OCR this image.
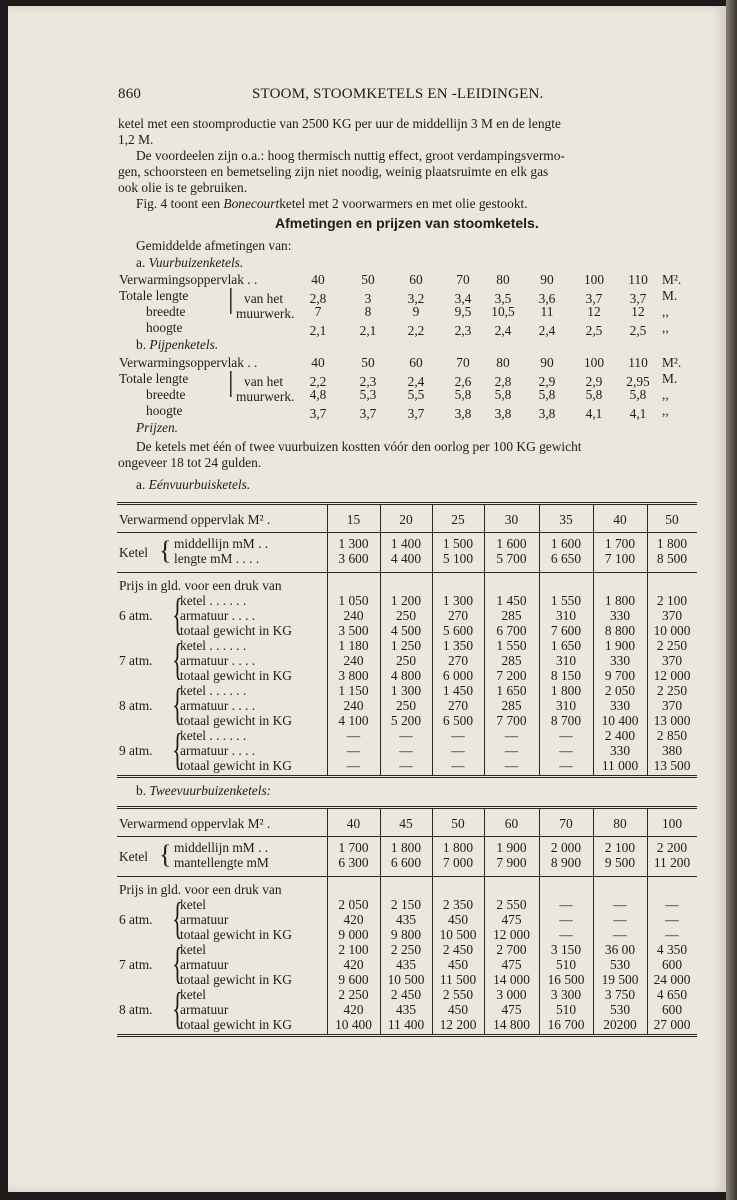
860	STOOM, STOOMKETELS EN -LEIDINGEN.
ketel met een stoomproductie van 2500 KG per uur de middellijn 3 M en de lengte
1,2 M.
De voordeelen zijn o.a.: hoog thermisch nuttig effect, groot verdampingsvermo-
gen, schoorsteen en bemetseling zijn niet noodig, weinig plaatsruimte en elk gas
ook olie is te gebruiken.
Fig. 4 toont een Bonecourtketel met 2 voorwarmers en met olie gestookt.
Afmetingen en prijzen van stoomketels.
Gemiddelde afmetingen van:
a. Vuurbuizenketels.
Verwarmingsoppervlak . .	40	50	60	70	80	90	100	110	M².
Totale lengte	2,8	3	3,2	3,4	3,5	3,6	3,7	3,7	M.
breedte	7	8	9	9,5	10,5	11	12	12	,,
hoogte	2,1	2,1	2,2	2,3	2,4	2,4	2,5	2,5	,,
| van het
muurwerk.
b. Pijpenketels.
Verwarmingsoppervlak . .	40	50	60	70	80	90	100	110	M².
Totale lengte	2,2	2,3	2,4	2,6	2,8	2,9	2,9	2,95 M.
breedte	4,8	5,3	5,5	5,8	5,8	5,8	5,8	5,8	,,
hoogte	3,7	3,7	3,7	3,8	3,8	3,8	4,1	4,1	,,
| van het
muurwerk.
Prijzen.
De ketels met één of twee vuurbuizen kostten vóór den oorlog per 100 KG gewicht
ongeveer 18 tot 24 gulden.
a. Eénvuurbuisketels.
Verwarmend oppervlak M² .	15	20	25	30	35	40	50
Ketel { middellijn mM . .	1 300	1 400	1 500	1 600	1 600	1 700	1 800
lengte mM . . . .	3 600	4 400	5 100	5 700	6 650	7 100	8 500
Prijs in gld. voor een druk van
6 atm. {
ketel . . . . . .	1 050	1 200	1 300	1 450	1 550	1 800	2 100
armatuur . . . .	240	250	270	285	310	330	370
totaal gewicht in KG	3 500	4 500	5 600	6 700	7 600	8 800	10 000
7 atm. {
ketel . . . . . .	1 180	1 250	1 350	1 550	1 650	1 900	2 250
armatuur . . . .	240	250	270	285	310	330	370
totaal gewicht in KG	3 800	4 800	6 000	7 200	8 150	9 700	12 000
8 atm. {
ketel . . . . . .	1 150	1 300	1 450	1 650	1 800	2 050	2 250
armatuur . . . .	240	250	270	285	310	330	370
totaal gewicht in KG	4 100	5 200	6 500	7 700	8 700	10 400	13 000
9 atm. {
ketel . . . . . .	—	—	—	—	—	2 400	2 850
armatuur . . . .	—	—	—	—	—	330	380
totaal gewicht in KG	—	—	—	—	—	11 000	13 500
b. Tweevuurbuizenketels:
Verwarmend oppervlak M² .	40	45	50	60	70	80	100
Ketel { middellijn mM . .	1 700	1 800	1 800	1 900	2 000	2 100	2 200
mantellengte mM	6 300	6 600	7 000	7 900	8 900	9 500	11 200
Prijs in gld. voor een druk van
6 atm. {
ketel	2 050	2 150	2 350	2 550	—	—	—
armatuur	420	435	450	475	—	—	—
totaal gewicht in KG	9 000	9 800	10 500	12 000	—	—	—
7 atm. {
ketel	2 100	2 250	2 450	2 700	3 150	36 00	4 350
armatuur	420	435	450	475	510	530	600
totaal gewicht in KG	9 600	10 500	11 500	14 000	16 500	19 500	24 000
8 atm. {
ketel	2 250	2 450	2 550	3 000	3 300	3 750	4 650
armatuur	420	435	450	475	510	530	600
totaal gewicht in KG	10 400	11 400	12 200	14 800	16 700	20200	27 000
